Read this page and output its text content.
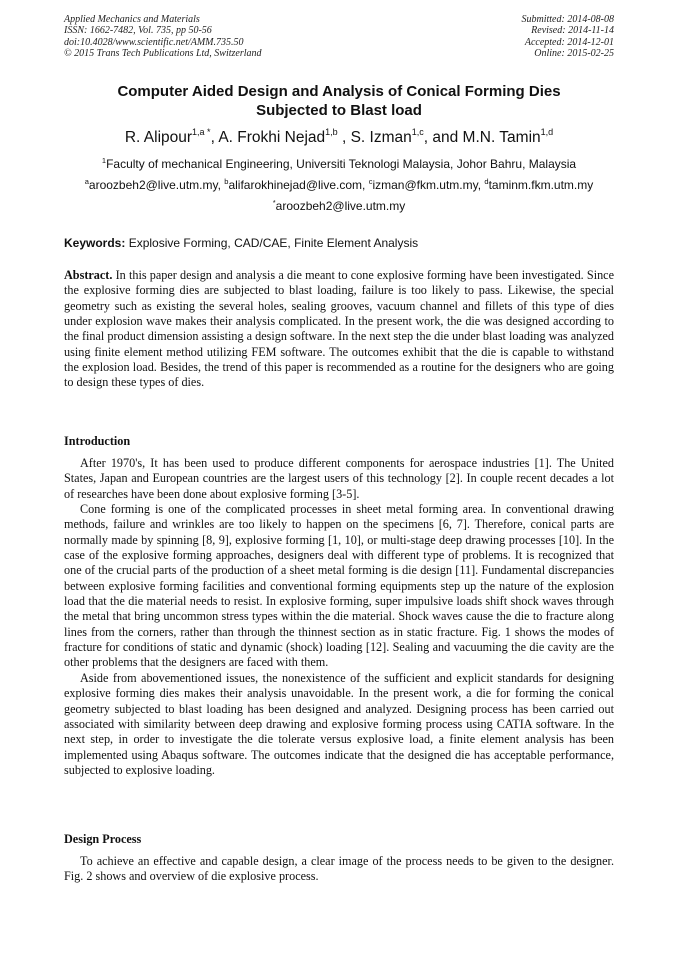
Applied Mechanics and Materials
ISSN: 1662-7482, Vol. 735, pp 50-56
doi:10.4028/www.scientific.net/AMM.735.50
© 2015 Trans Tech Publications Ltd, Switzerland
Submitted: 2014-08-08
Revised: 2014-11-14
Accepted: 2014-12-01
Online: 2015-02-25
Computer Aided Design and Analysis of Conical Forming Dies
Subjected to Blast load
R. Alipour$^{1,a *}$, A. Frokhi Nejad$^{1,b}$ , S. Izman$^{1,c}$, and M.N. Tamin$^{1,d}$
$^1$Faculty of mechanical Engineering, Universiti Teknologi Malaysia, Johor Bahru, Malaysia
$^a$aroozbeh2@live.utm.my, $^b$alifarokhinejad@live.com, $^c$izman@fkm.utm.my, $^d$taminm.fkm.utm.my
*aroozbeh2@live.utm.my
Keywords: Explosive Forming, CAD/CAE, Finite Element Analysis
Abstract. In this paper design and analysis a die meant to cone explosive forming have been investigated. Since the explosive forming dies are subjected to blast loading, failure is too likely to pass. Likewise, the special geometry such as existing the several holes, sealing grooves, vacuum channel and fillets of this type of dies under explosion wave makes their analysis complicated. In the present work, the die was designed according to the final product dimension assisting a design software. In the next step the die under blast loading was analyzed using finite element method utilizing FEM software. The outcomes exhibit that the die is capable to withstand the explosion load. Besides, the trend of this paper is recommended as a routine for the designers who are going to design these types of dies.
Introduction

After 1970's, It has been used to produce different components for aerospace industries [1]. The United States, Japan and European countries are the largest users of this technology [2]. In couple recent decades a lot of researches have been done about explosive forming [3-5].

Cone forming is one of the complicated processes in sheet metal forming area. In conventional drawing methods, failure and wrinkles are too likely to happen on the specimens [6, 7]. Therefore, conical parts are normally made by spinning [8, 9], explosive forming [1, 10], or multi-stage deep drawing processes [10]. In the case of the explosive forming approaches, designers deal with different type of problems. It is recognized that one of the crucial parts of the production of a sheet metal forming is die design [11]. Fundamental discrepancies between explosive forming facilities and conventional forming equipments step up the nature of the explosion load that the die material needs to resist. In explosive forming, super impulsive loads shift shock waves through the metal that bring uncommon stress types within the die material. Shock waves cause the die to fracture along lines from the corners, rather than through the thinnest section as in static fracture. Fig. 1 shows the modes of fracture for conditions of static and dynamic (shock) loading [12]. Sealing and vacuuming the die cavity are the other problems that the designers are faced with them.

Aside from abovementioned issues, the nonexistence of the sufficient and explicit standards for designing explosive forming dies makes their analysis unavoidable. In the present work, a die for forming the conical geometry subjected to blast loading has been designed and analyzed. Designing process has been carried out associated with similarity between deep drawing and explosive forming process using CATIA software. In the next step, in order to investigate the die tolerate versus explosive load, a finite element analysis has been implemented using Abaqus software. The outcomes indicate that the designed die has acceptable performance, subjected to explosive loading.

Design Process

To achieve an effective and capable design, a clear image of the process needs to be given to the designer. Fig. 2 shows and overview of die explosive process.
